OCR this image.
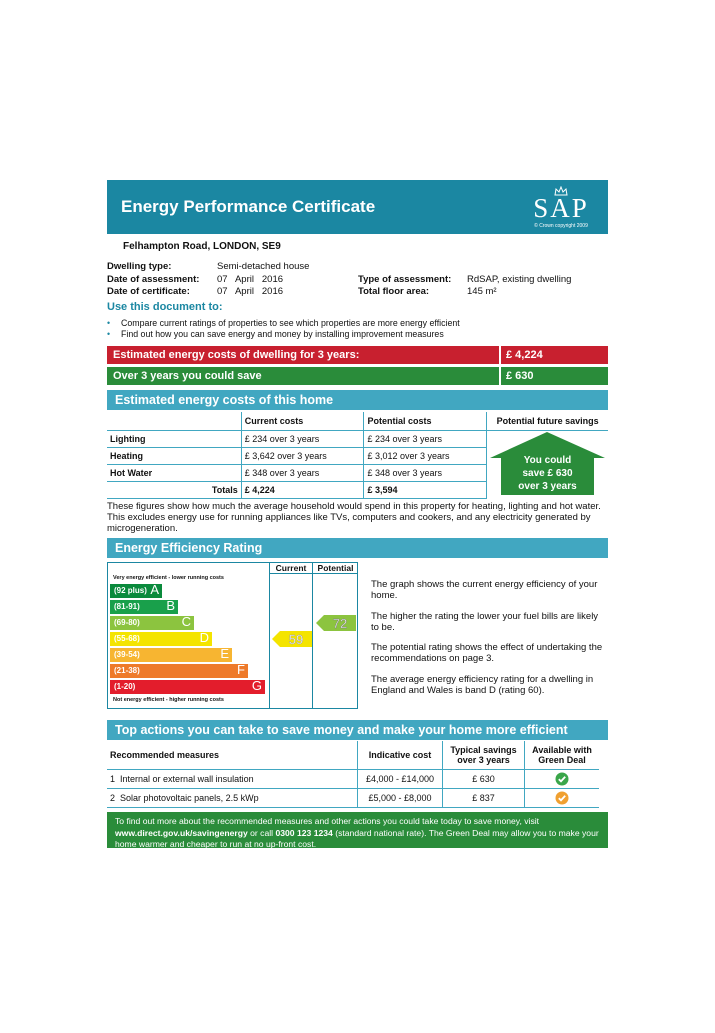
Energy Performance Certificate	SAP
© Crown copyright 2009
Felhampton Road, LONDON, SE9
Dwelling type:	Semi-detached house
Date of assessment: 07   April   2016
Date of certificate:	07   April   2016
Type of assessment: RdSAP, existing dwelling
Total floor area:	145 m²
Use this document to:
• Compare current ratings of properties to see which properties are more energy efficient
• Find out how you can save energy and money by installing improvement measures
Estimated energy costs of dwelling for 3 years:	£ 4,224
Over 3 years you could save	£ 630
Estimated energy costs of this home
	Current costs	Potential costs	Potential future savings
Lighting	£ 234 over 3 years	£ 234 over 3 years	
Heating	£ 3,642 over 3 years	£ 3,012 over 3 years	
Hot Water	£ 348 over 3 years	£ 348 over 3 years	
Totals	£ 4,224	£ 3,594	
You could
save £ 630
over 3 years
These figures show how much the average household would spend in this property for heating, lighting and hot water. This excludes energy use for running appliances like TVs, computers and cookers, and any electricity generated by microgeneration.
Energy Efficiency Rating
Current	Potential
Very energy efficient - lower running costs
Not energy efficient - higher running costs
(92 plus) A
(81-91) B
(69-80)	C
(55-68)	D
(39-54)	E
(21-38)	F
(1-20)	G
59
72
The graph shows the current energy efficiency of your home.
The higher the rating the lower your fuel bills are likely to be.
The potential rating shows the effect of undertaking the recommendations on page 3.
The average energy efficiency rating for a dwelling in England and Wales is band D (rating 60).
Top actions you can take to save money and make your home more efficient
Recommended measures	Indicative cost	Typical savings over 3 years	Available with Green Deal
1 Internal or external wall insulation	£4,000 - £14,000	£ 630	
2 Solar photovoltaic panels, 2.5 kWp	£5,000 - £8,000	£ 837	
To find out more about the recommended measures and other actions you could take today to save money, visit www.direct.gov.uk/savingenergy or call 0300 123 1234 (standard national rate). The Green Deal may allow you to make your home warmer and cheaper to run at no up-front cost.
